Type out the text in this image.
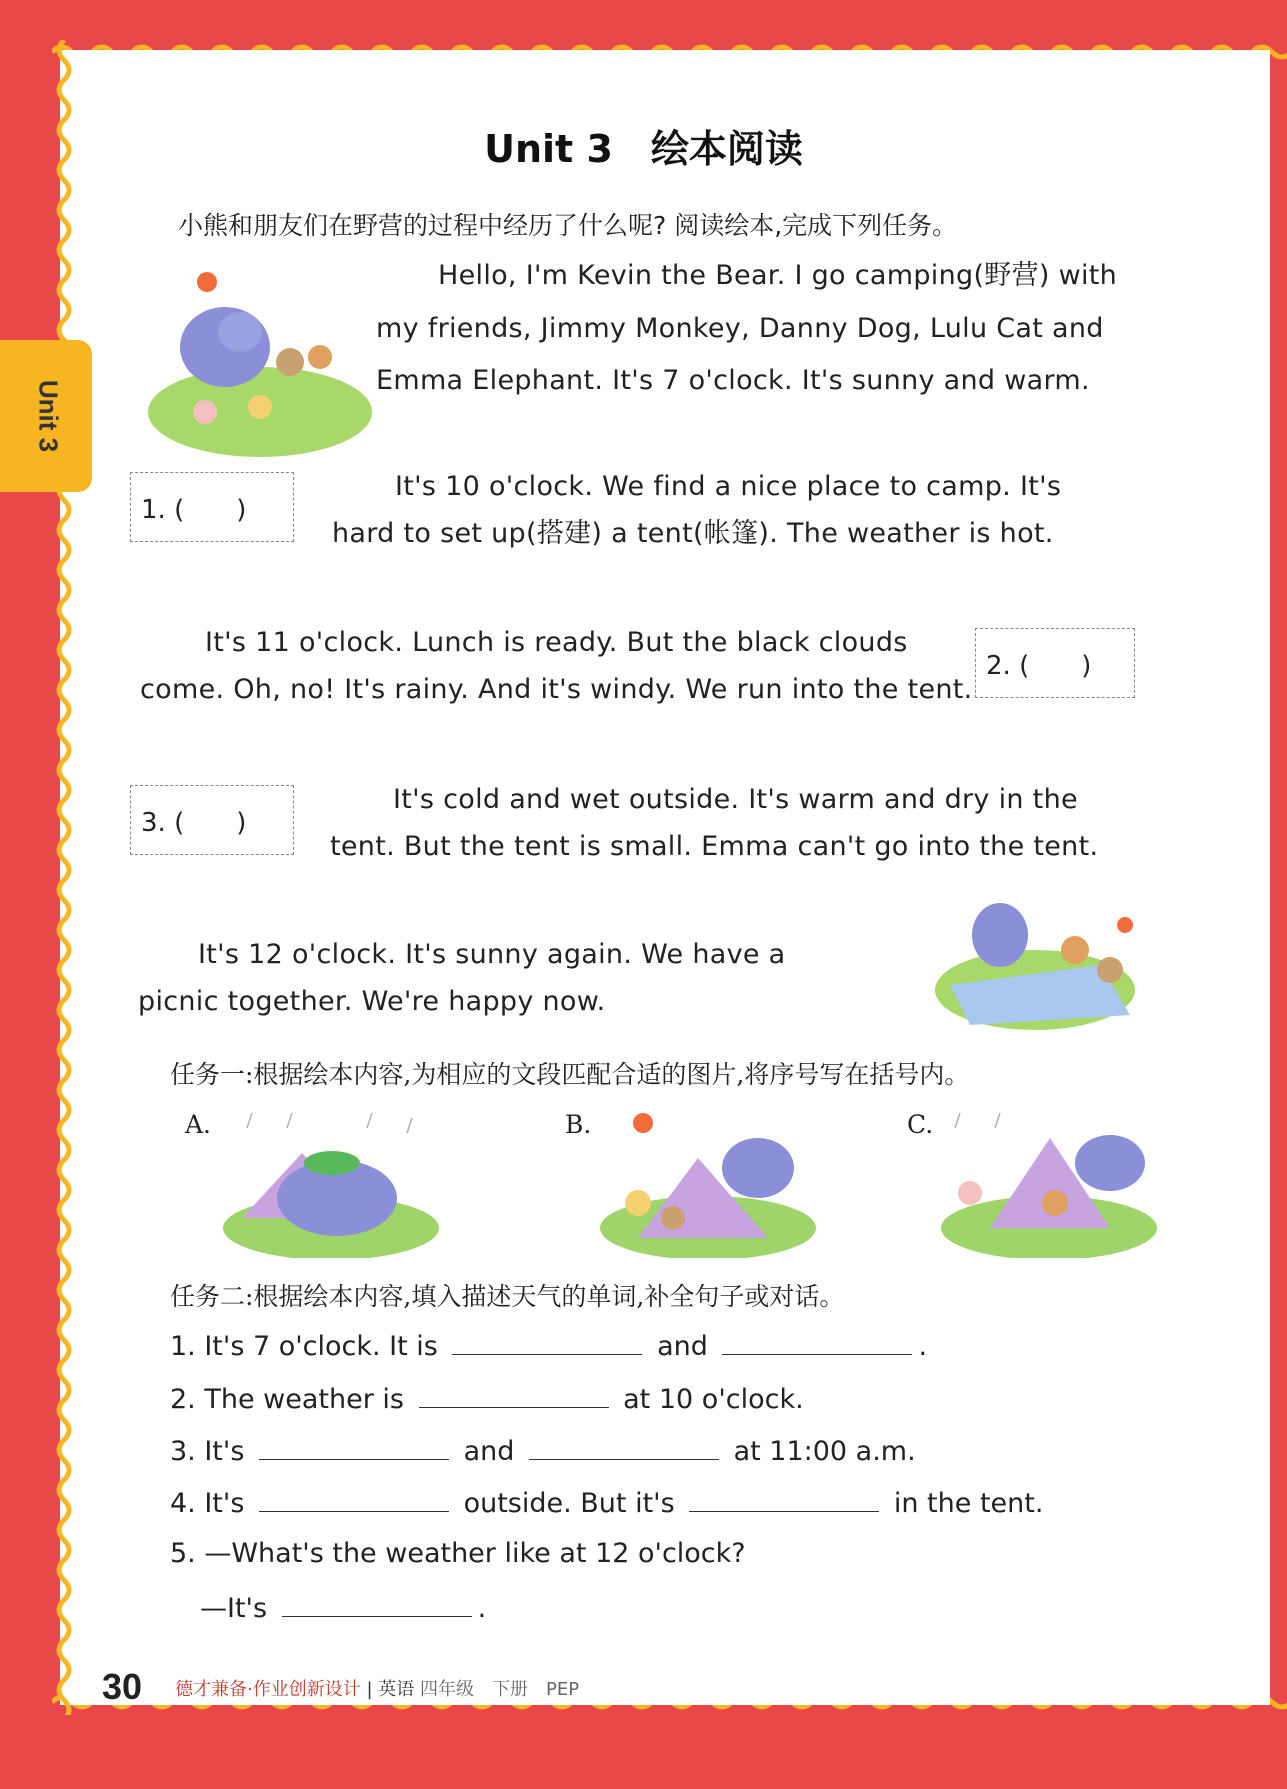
Unit 3
Unit 3　绘本阅读
小熊和朋友们在野营的过程中经历了什么呢? 阅读绘本,完成下列任务。
Hello, I'm Kevin the Bear. I go camping(野营) with
my friends, Jimmy Monkey, Danny Dog, Lulu Cat and
Emma Elephant. It's 7 o'clock. It's sunny and warm.
1. (　　)
It's 10 o'clock. We find a nice place to camp. It's
hard to set up(搭建) a tent(帐篷). The weather is hot.
It's 11 o'clock. Lunch is ready. But the black clouds
come. Oh, no! It's rainy. And it's windy. We run into the tent.
2. (　　)
3. (　　)
It's cold and wet outside. It's warm and dry in the
tent. But the tent is small. Emma can't go into the tent.
It's 12 o'clock. It's sunny again. We have a
picnic together. We're happy now.
任务一:根据绘本内容,为相应的文段匹配合适的图片,将序号写在括号内。
A.	B.	C.
任务二:根据绘本内容,填入描述天气的单词,补全句子或对话。
1. It's 7 o'clock. It is	and	.
2. The weather is	at 10 o'clock.
3. It's	and	at 11:00 a.m.
4. It's	outside. But it's	in the tent.
5. —What's the weather like at 12 o'clock?
—It's	.
30 德才兼备·作业创新设计 | 英语 四年级　下册　PEP
